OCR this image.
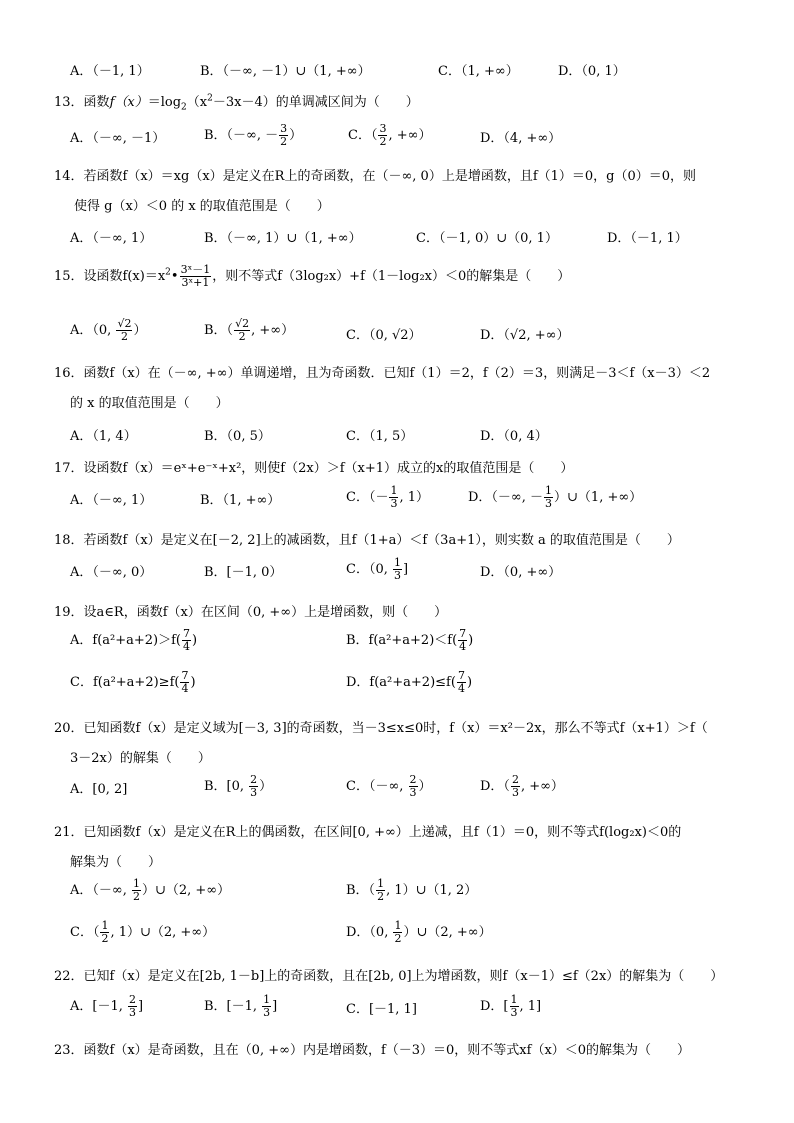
A．（－1, 1）	B．（－∞, －1）∪（1, +∞）	C．（1, +∞）	D．（0, 1）
13．函数$f(x)=\log_2(x^2-3x-4)$的单调减区间为（　　）
A．（－∞, －1）	B．（－∞, － $\frac{3}{2}$ ）	C．（ $\frac{3}{2}$ , +∞）	D．（4, +∞）
14．若函数f（x）＝xg（x）是定义在R上的奇函数，在（－∞, 0）上是增函数，且f（1）＝0，g（0）＝0，则
使得 g（x）＜0 的 x 的取值范围是（　　）
A．（－∞, 1）	B．（－∞, 1）∪（1, +∞）	C．（－1, 0）∪（0, 1）	D．（－1, 1）
15．设函数$f(x)=x^2• \frac{\text{3ˣ－1}}{\text{3ˣ+1}}$ ，则不等式f（3log₂x）+f（1－log₂x）＜0的解集是（　　）
A．（0, $\frac{√2}{2}$ ）	B．（ $\frac{√2}{2}$ , +∞）	C．（0, √2）	D．（√2, +∞）
16．函数f（x）在（－∞, +∞）单调递增，且为奇函数．已知f（1）＝2，f（2）＝3，则满足－3＜f（x－3）＜2
的 x 的取值范围是（　　）
A．（1, 4）	B．（0, 5）	C．（1, 5）	D．（0, 4）
17．设函数f（x）＝eˣ+e⁻ˣ+x²，则使f（2x）＞f（x+1）成立的x的取值范围是（　　）
A．（－∞, 1）	B．（1, +∞）	C．（－ $\frac{1}{3}$ , 1）	D．（－∞, － $\frac{1}{3}$ ）∪（1, +∞）
18．若函数f（x）是定义在[－2, 2]上的减函数，且f（1+a）＜f（3a+1），则实数 a 的取值范围是（　　）
A．（－∞, 0）	B．[－1, 0）	C．（0, $\frac{1}{3}$ ]	D．（0, +∞）
19．设a∈R，函数f（x）在区间（0, +∞）上是增函数，则（　　）
A．$f(a^2+a+2)>f( \frac{7}{4}$ )	B．$f(a^2+a+2)<f( \frac{7}{4}$ )
C．$f(a^2+a+2)\ge f( \frac{7}{4}$ )	D．$f(a^2+a+2)\le f( \frac{7}{4}$ )
20．已知函数f（x）是定义域为[－3, 3]的奇函数，当－3≤x≤0时，f（x）＝x²－2x，那么不等式f（x+1）＞f（
3－2x）的解集（　　）
A．[0, 2]	B．[0, $\frac{2}{3}$ ）	C．（－∞, $\frac{2}{3}$ ）	D．（ $\frac{2}{3}$ , +∞）
21．已知函数f（x）是定义在R上的偶函数，在区间[0, +∞）上递减，且f（1）＝0，则不等式f(log₂x)＜0的
解集为（　　）
A．（－∞, $\frac{1}{2}$ ）∪（2, +∞）	B．（ $\frac{1}{2}$ , 1）∪（1, 2）
C．（ $\frac{1}{2}$ , 1）∪（2, +∞）	D．（0, $\frac{1}{2}$ ）∪（2, +∞）
22．已知f（x）是定义在[2b, 1－b]上的奇函数，且在[2b, 0]上为增函数，则f（x－1）≤f（2x）的解集为（　　）
A．[－1, $\frac{2}{3}$ ]	B．[－1, $\frac{1}{3}$ ]	C．[－1, 1]	D．[ $\frac{1}{3}$ , 1]
23．函数f（x）是奇函数，且在（0, +∞）内是增函数，f（－3）＝0，则不等式xf（x）＜0的解集为（　　）
